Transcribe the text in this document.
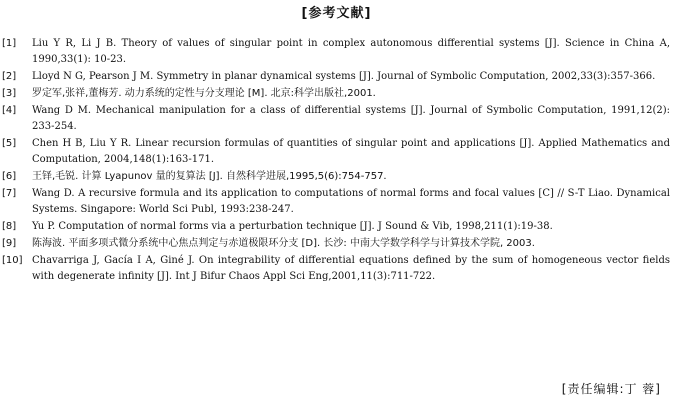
[参考文献]
[1] Liu Y R, Li J B. Theory of values of singular point in complex autonomous differential systems [J]. Science in China A, 1990,33(1): 10-23.
[2] Lloyd N G, Pearson J M. Symmetry in planar dynamical systems [J]. Journal of Symbolic Computation, 2002,33(3):357-366.
[3] 罗定军,张祥,董梅芳. 动力系统的定性与分支理论 [M]. 北京:科学出版社,2001.
[4] Wang D M. Mechanical manipulation for a class of differential systems [J]. Journal of Symbolic Computation, 1991,12(2): 233-254.
[5] Chen H B, Liu Y R. Linear recursion formulas of quantities of singular point and applications [J]. Applied Mathematics and Computation, 2004,148(1):163-171.
[6] 王铎,毛锐. 计算 Lyapunov 量的复算法 [J]. 自然科学进展,1995,5(6):754-757.
[7] Wang D. A recursive formula and its application to computations of normal forms and focal values [C] // S-T Liao. Dynamical Systems. Singapore: World Sci Publ, 1993:238-247.
[8] Yu P. Computation of normal forms via a perturbation technique [J]. J Sound & Vib, 1998,211(1):19-38.
[9] 陈海波. 平面多项式微分系统中心焦点判定与赤道极限环分支 [D]. 长沙: 中南大学数学科学与计算技术学院, 2003.
[10] Chavarriga J, Gacía I A, Giné J. On integrability of differential equations defined by the sum of homogeneous vector fields with degenerate infinity [J]. Int J Bifur Chaos Appl Sci Eng,2001,11(3):711-722.
[责任编辑:丁 蓉]
